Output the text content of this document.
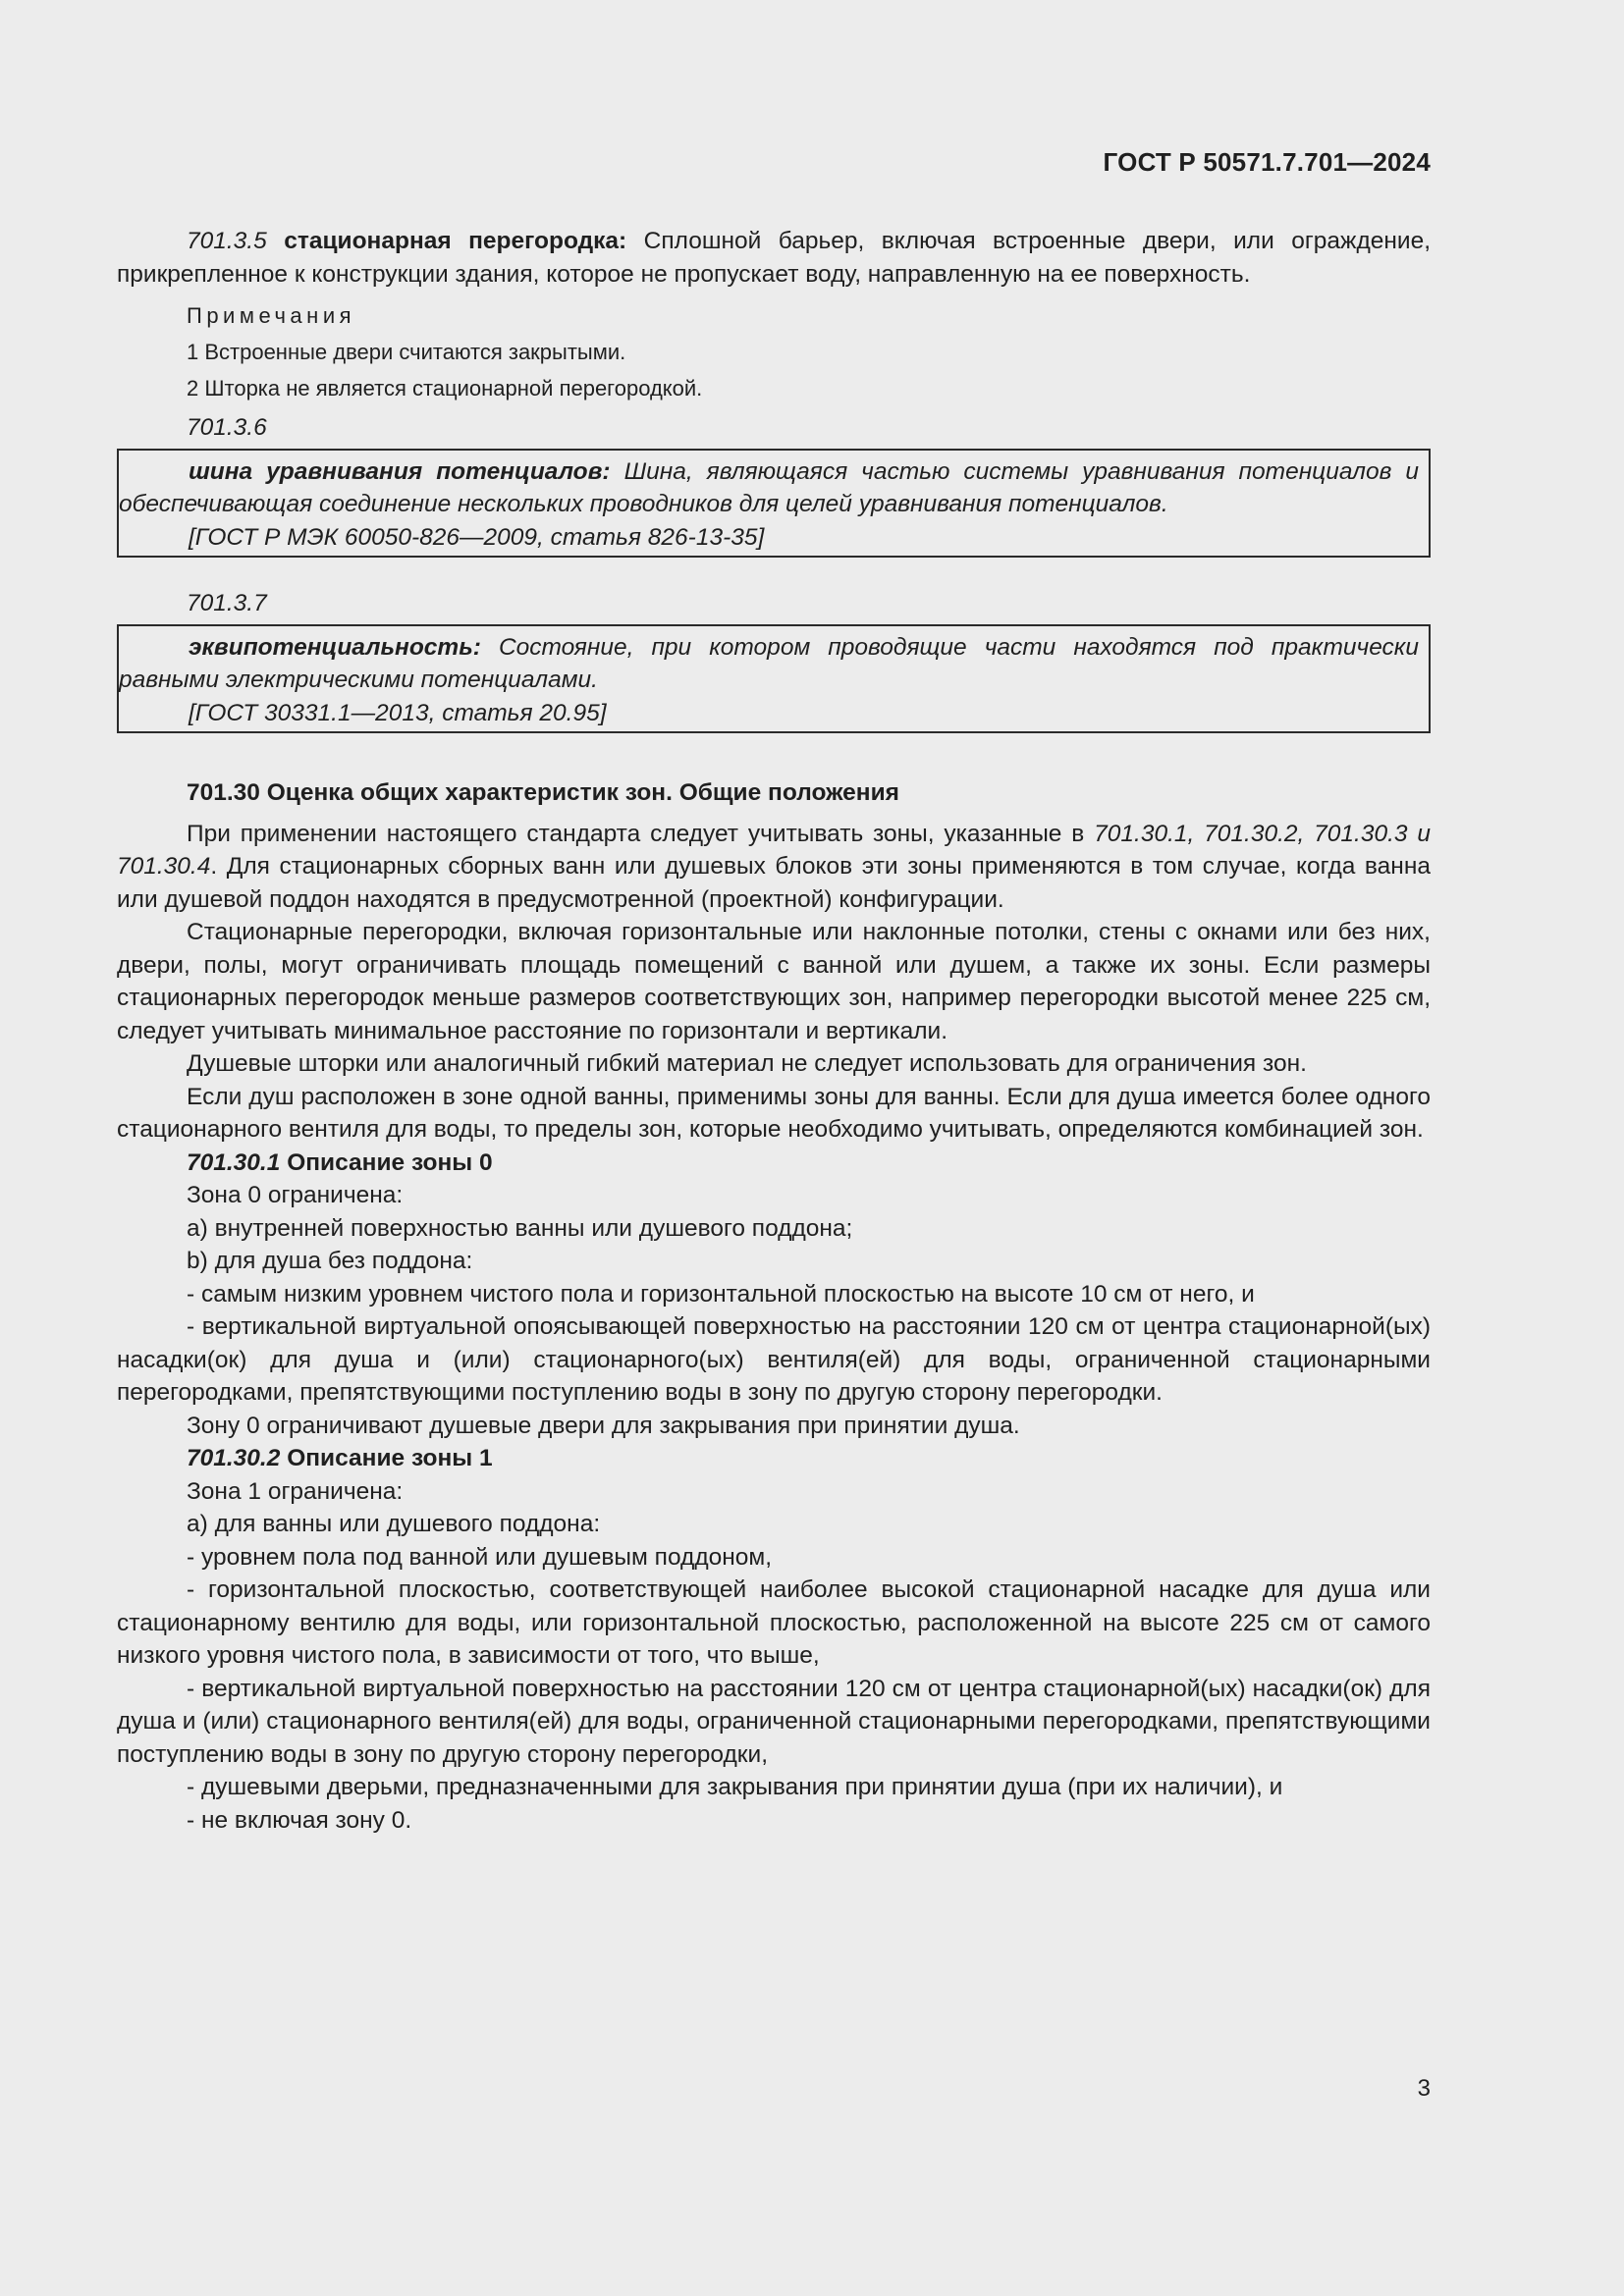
ГОСТ Р 50571.7.701—2024

701.3.5 стационарная перегородка: Сплошной барьер, включая встроенные двери, или ограждение, прикрепленное к конструкции здания, которое не пропускает воду, направленную на ее поверхность.

Примечания
1 Встроенные двери считаются закрытыми.
2 Шторка не является стационарной перегородкой.
701.3.6

шина уравнивания потенциалов: Шина, являющаяся частью системы уравнивания потенциалов и обеспечивающая соединение нескольких проводников для целей уравнивания потенциалов.

[ГОСТ Р МЭК 60050-826—2009, статья 826-13-35]

701.3.7

эквипотенциальность: Состояние, при котором проводящие части находятся под практически равными электрическими потенциалами.

[ГОСТ 30331.1—2013, статья 20.95]

701.30 Оценка общих характеристик зон. Общие положения

При применении настоящего стандарта следует учитывать зоны, указанные в 701.30.1, 701.30.2, 701.30.3 и 701.30.4. Для стационарных сборных ванн или душевых блоков эти зоны применяются в том случае, когда ванна или душевой поддон находятся в предусмотренной (проектной) конфигурации.

Стационарные перегородки, включая горизонтальные или наклонные потолки, стены с окнами или без них, двери, полы, могут ограничивать площадь помещений с ванной или душем, а также их зоны. Если размеры стационарных перегородок меньше размеров соответствующих зон, например перегородки высотой менее 225 см, следует учитывать минимальное расстояние по горизонтали и вертикали.

Душевые шторки или аналогичный гибкий материал не следует использовать для ограничения зон.

Если душ расположен в зоне одной ванны, применимы зоны для ванны. Если для душа имеется более одного стационарного вентиля для воды, то пределы зон, которые необходимо учитывать, определяются комбинацией зон.

701.30.1 Описание зоны 0

Зона 0 ограничена:

a) внутренней поверхностью ванны или душевого поддона;

b) для душа без поддона:

- самым низким уровнем чистого пола и горизонтальной плоскостью на высоте 10 см от него, и

- вертикальной виртуальной опоясывающей поверхностью на расстоянии 120 см от центра стационарной(ых) насадки(ок) для душа и (или) стационарного(ых) вентиля(ей) для воды, ограниченной стационарными перегородками, препятствующими поступлению воды в зону по другую сторону перегородки.

Зону 0 ограничивают душевые двери для закрывания при принятии душа.

701.30.2 Описание зоны 1

Зона 1 ограничена:

a) для ванны или душевого поддона:

- уровнем пола под ванной или душевым поддоном,

- горизонтальной плоскостью, соответствующей наиболее высокой стационарной насадке для душа или стационарному вентилю для воды, или горизонтальной плоскостью, расположенной на высоте 225 см от самого низкого уровня чистого пола, в зависимости от того, что выше,

- вертикальной виртуальной поверхностью на расстоянии 120 см от центра стационарной(ых) насадки(ок) для душа и (или) стационарного вентиля(ей) для воды, ограниченной стационарными перегородками, препятствующими поступлению воды в зону по другую сторону перегородки,

- душевыми дверьми, предназначенными для закрывания при принятии душа (при их наличии), и

- не включая зону 0.

3
